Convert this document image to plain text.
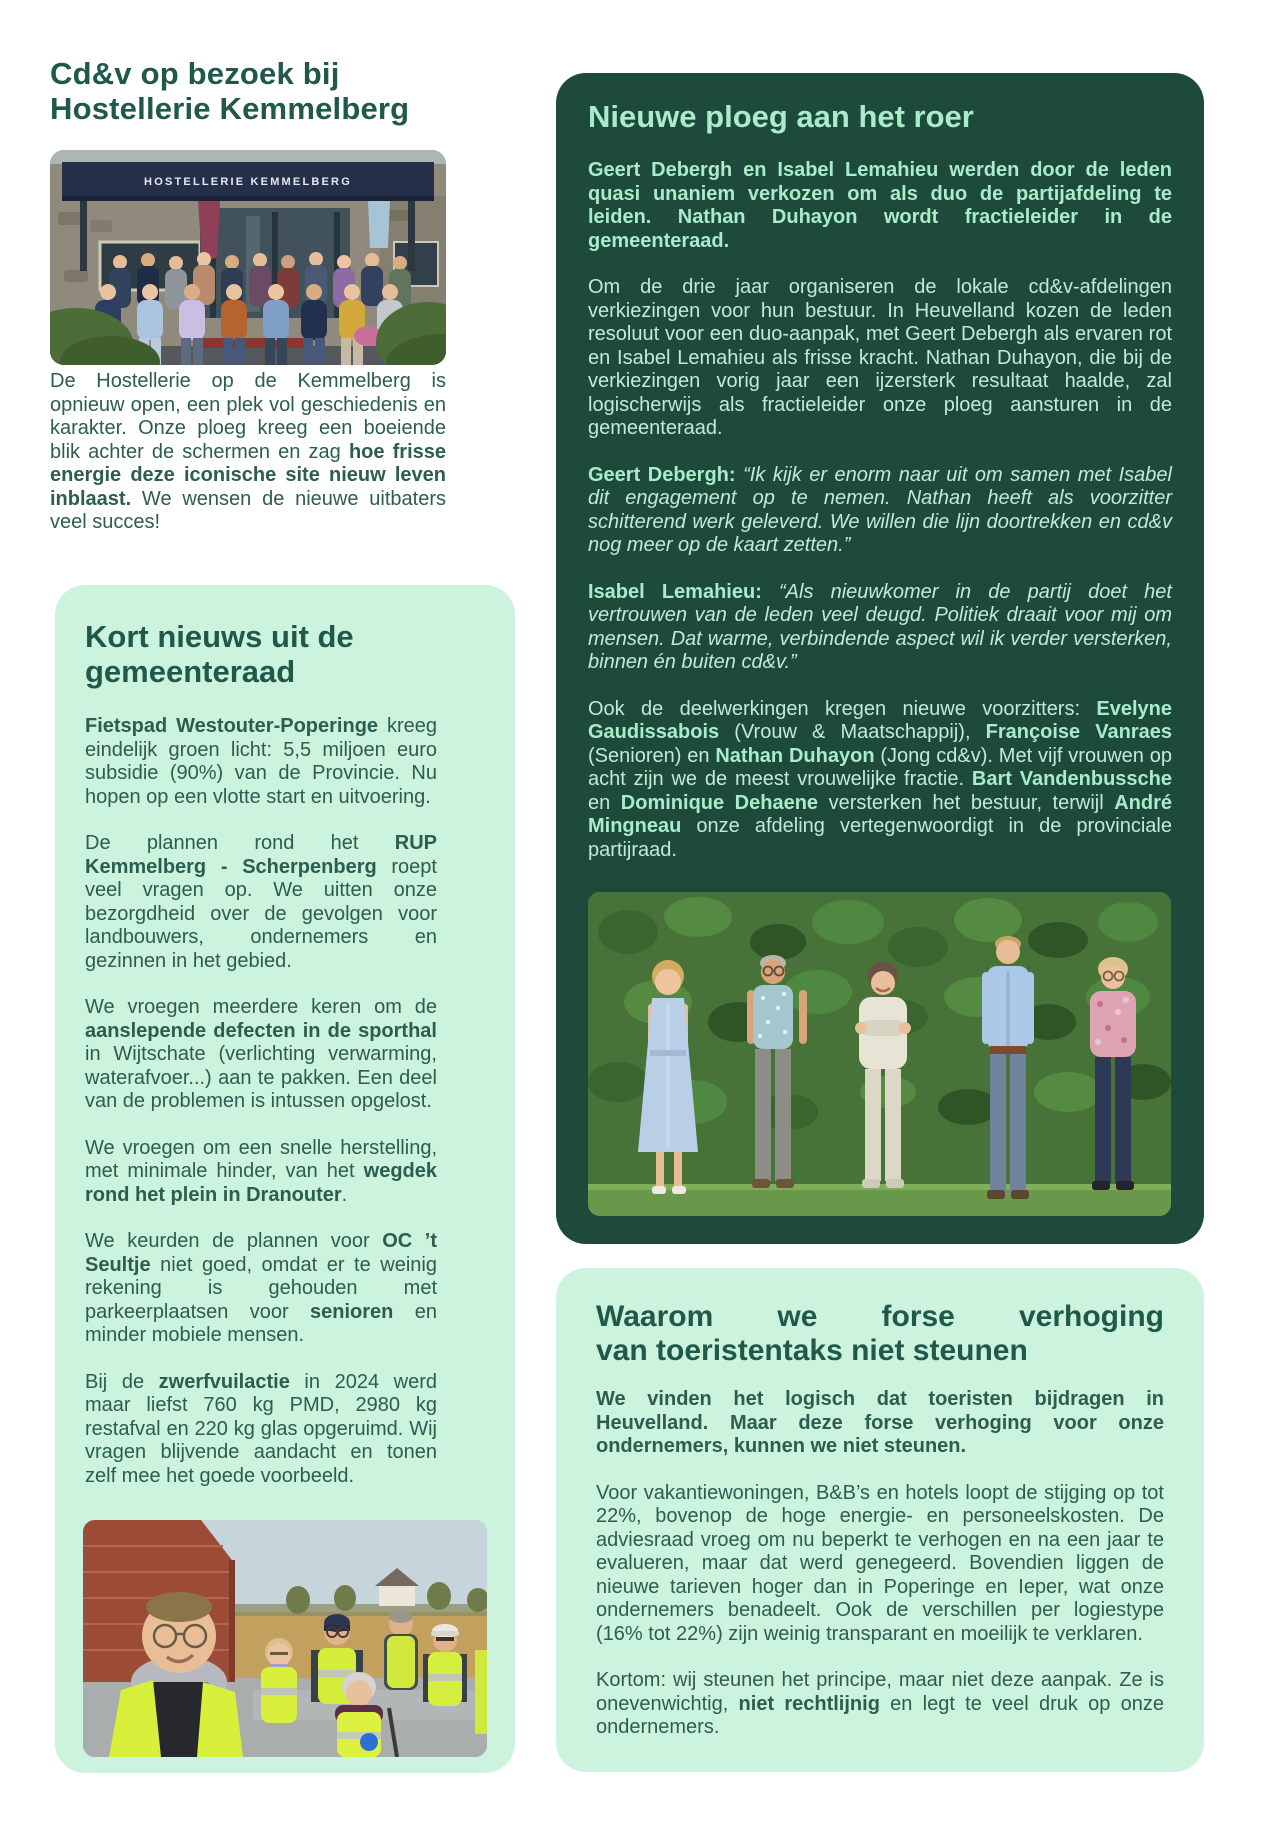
Cd&v op bezoek bij
Hostellerie Kemmelberg
HOSTELLERIE KEMMELBERG

De Hostellerie op de Kemmelberg is opnieuw open, een plek vol geschiedenis en karakter. Onze ploeg kreeg een boeiende blik achter de schermen en zag hoe frisse energie deze iconische site nieuw leven inblaast. We wensen de nieuwe uitbaters veel succes!

Kort nieuws uit de
gemeenteraad

Fietspad Westouter-Poperinge kreeg eindelijk groen licht: 5,5 miljoen euro subsidie (90%) van de Provincie. Nu hopen op een vlotte start en uitvoering.

De plannen rond het RUP Kemmelberg - Scherpenberg roept veel vragen op. We uitten onze bezorgdheid over de gevolgen voor landbouwers, ondernemers en gezinnen in het gebied.

We vroegen meerdere keren om de aanslepende defecten in de sporthal in Wijtschate (verlichting verwarming, waterafvoer...) aan te pakken. Een deel van de problemen is intussen opgelost.

We vroegen om een snelle herstelling, met minimale hinder, van het wegdek rond het plein in Dranouter.

We keurden de plannen voor OC ’t Seultje niet goed, omdat er te weinig rekening is gehouden met parkeerplaatsen voor senioren en minder mobiele mensen.

Bij de zwerfvuilactie in 2024 werd maar liefst 760 kg PMD, 2980 kg restafval en 220 kg glas opgeruimd. Wij vragen blijvende aandacht en tonen zelf mee het goede voorbeeld.

Nieuwe ploeg aan het roer

Geert Debergh en Isabel Lemahieu werden door de leden quasi unaniem verkozen om als duo de partijafdeling te leiden. Nathan Duhayon wordt fractieleider in de gemeenteraad.

Om de drie jaar organiseren de lokale cd&v-afdelingen verkiezingen voor hun bestuur. In Heuvelland kozen de leden resoluut voor een duo-aanpak, met Geert Debergh als ervaren rot en Isabel Lemahieu als frisse kracht. Nathan Duhayon, die bij de verkiezingen vorig jaar een ijzersterk resultaat haalde, zal logischerwijs als fractieleider onze ploeg aansturen in de gemeenteraad.

Geert Debergh: “Ik kijk er enorm naar uit om samen met Isabel dit engagement op te nemen. Nathan heeft als voorzitter schitterend werk geleverd. We willen die lijn doortrekken en cd&v nog meer op de kaart zetten.”

Isabel Lemahieu: “Als nieuwkomer in de partij doet het vertrouwen van de leden veel deugd. Politiek draait voor mij om mensen. Dat warme, verbindende aspect wil ik verder versterken, binnen én buiten cd&v.”

Ook de deelwerkingen kregen nieuwe voorzitters: Evelyne Gaudissabois (Vrouw & Maatschappij), Françoise Vanraes (Senioren) en Nathan Duhayon (Jong cd&v). Met vijf vrouwen op acht zijn we de meest vrouwelijke fractie. Bart Vandenbussche en Dominique Dehaene versterken het bestuur, terwijl André Mingneau onze afdeling vertegenwoordigt in de provinciale partijraad.

Waarom we forse verhoging
van toeristentaks niet steunen

We vinden het logisch dat toeristen bijdragen in Heuvelland. Maar deze forse verhoging voor onze ondernemers, kunnen we niet steunen.

Voor vakantiewoningen, B&B’s en hotels loopt de stijging op tot 22%, bovenop de hoge energie- en personeelskosten. De adviesraad vroeg om nu beperkt te verhogen en na een jaar te evalueren, maar dat werd genegeerd. Bovendien liggen de nieuwe tarieven hoger dan in Poperinge en Ieper, wat onze ondernemers benadeelt. Ook de verschillen per logiestype (16% tot 22%) zijn weinig transparant en moeilijk te verklaren.

Kortom: wij steunen het principe, maar niet deze aanpak. Ze is onevenwichtig, niet rechtlijnig en legt te veel druk op onze ondernemers.
